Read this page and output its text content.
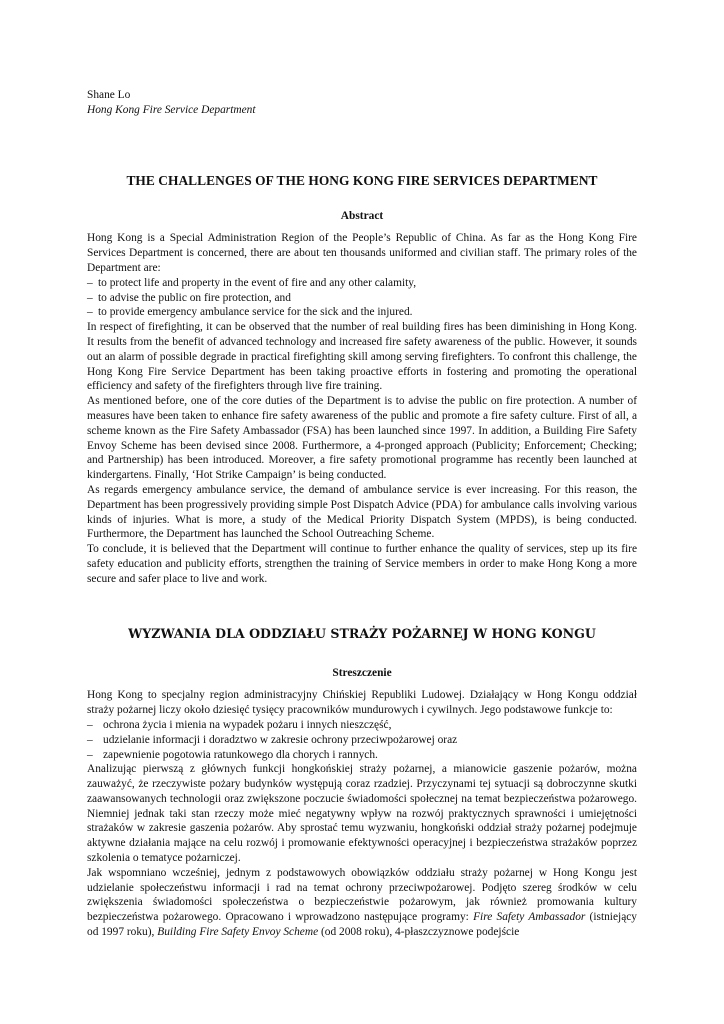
Shane Lo

Hong Kong Fire Service Department

THE CHALLENGES OF THE HONG KONG FIRE SERVICES DEPARTMENT
Abstract

Hong Kong is a Special Administration Region of the People’s Republic of China. As far as the Hong Kong Fire Services Department is concerned, there are about ten thousands uniformed and civilian staff. The primary roles of the Department are:

– to protect life and property in the event of fire and any other calamity,
– to advise the public on fire protection, and
– to provide emergency ambulance service for the sick and the injured.

In respect of firefighting, it can be observed that the number of real building fires has been diminishing in Hong Kong. It results from the benefit of advanced technology and increased fire safety awareness of the public. However, it sounds out an alarm of possible degrade in practical firefighting skill among serving firefighters. To confront this challenge, the Hong Kong Fire Service Department has been taking proactive efforts in fostering and promoting the operational efficiency and safety of the firefighters through live fire training.

As mentioned before, one of the core duties of the Department is to advise the public on fire protection. A number of measures have been taken to enhance fire safety awareness of the public and promote a fire safety culture. First of all, a scheme known as the Fire Safety Ambassador (FSA) has been launched since 1997. In addition, a Building Fire Safety Envoy Scheme has been devised since 2008. Furthermore, a 4-pronged approach (Publicity; Enforcement; Checking; and Partnership) has been introduced. Moreover, a fire safety promotional programme has recently been launched at kindergartens. Finally, ‘Hot Strike Campaign’ is being conducted.

As regards emergency ambulance service, the demand of ambulance service is ever increasing. For this reason, the Department has been progressively providing simple Post Dispatch Advice (PDA) for ambulance calls involving various kinds of injuries. What is more, a study of the Medical Priority Dispatch System (MPDS), is being conducted. Furthermore, the Department has launched the School Outreaching Scheme.

To conclude, it is believed that the Department will continue to further enhance the quality of services, step up its fire safety education and publicity efforts, strengthen the training of Service members in order to make Hong Kong a more secure and safer place to live and work.

WYZWANIA DLA ODDZIAŁU STRAŻY POŻARNEJ W HONG KONGU
Streszczenie

Hong Kong to specjalny region administracyjny Chińskiej Republiki Ludowej. Działający w Hong Kongu oddział straży pożarnej liczy około dziesięć tysięcy pracowników mundurowych i cywilnych. Jego podstawowe funkcje to:

– ochrona życia i mienia na wypadek pożaru i innych nieszczęść,
– udzielanie informacji i doradztwo w zakresie ochrony przeciwpożarowej oraz
– zapewnienie pogotowia ratunkowego dla chorych i rannych.

Analizując pierwszą z głównych funkcji hongkońskiej straży pożarnej, a mianowicie gaszenie pożarów, można zauważyć, że rzeczywiste pożary budynków występują coraz rzadziej. Przyczynami tej sytuacji są dobroczynne skutki zaawansowanych technologii oraz zwiększone poczucie świadomości społecznej na temat bezpieczeństwa pożarowego. Niemniej jednak taki stan rzeczy może mieć negatywny wpływ na rozwój praktycznych sprawności i umiejętności strażaków w zakresie gaszenia pożarów. Aby sprostać temu wyzwaniu, hongkoński oddział straży pożarnej podejmuje aktywne działania mające na celu rozwój i promowanie efektywności operacyjnej i bezpieczeństwa strażaków poprzez szkolenia o tematyce pożarniczej.

Jak wspomniano wcześniej, jednym z podstawowych obowiązków oddziału straży pożarnej w Hong Kongu jest udzielanie społeczeństwu informacji i rad na temat ochrony przeciwpożarowej. Podjęto szereg środków w celu zwiększenia świadomości społeczeństwa o bezpieczeństwie pożarowym, jak również promowania kultury bezpieczeństwa pożarowego. Opracowano i wprowadzono następujące programy: Fire Safety Ambassador (istniejący od 1997 roku), Building Fire Safety Envoy Scheme (od 2008 roku), 4-płaszczyznowe podejście
